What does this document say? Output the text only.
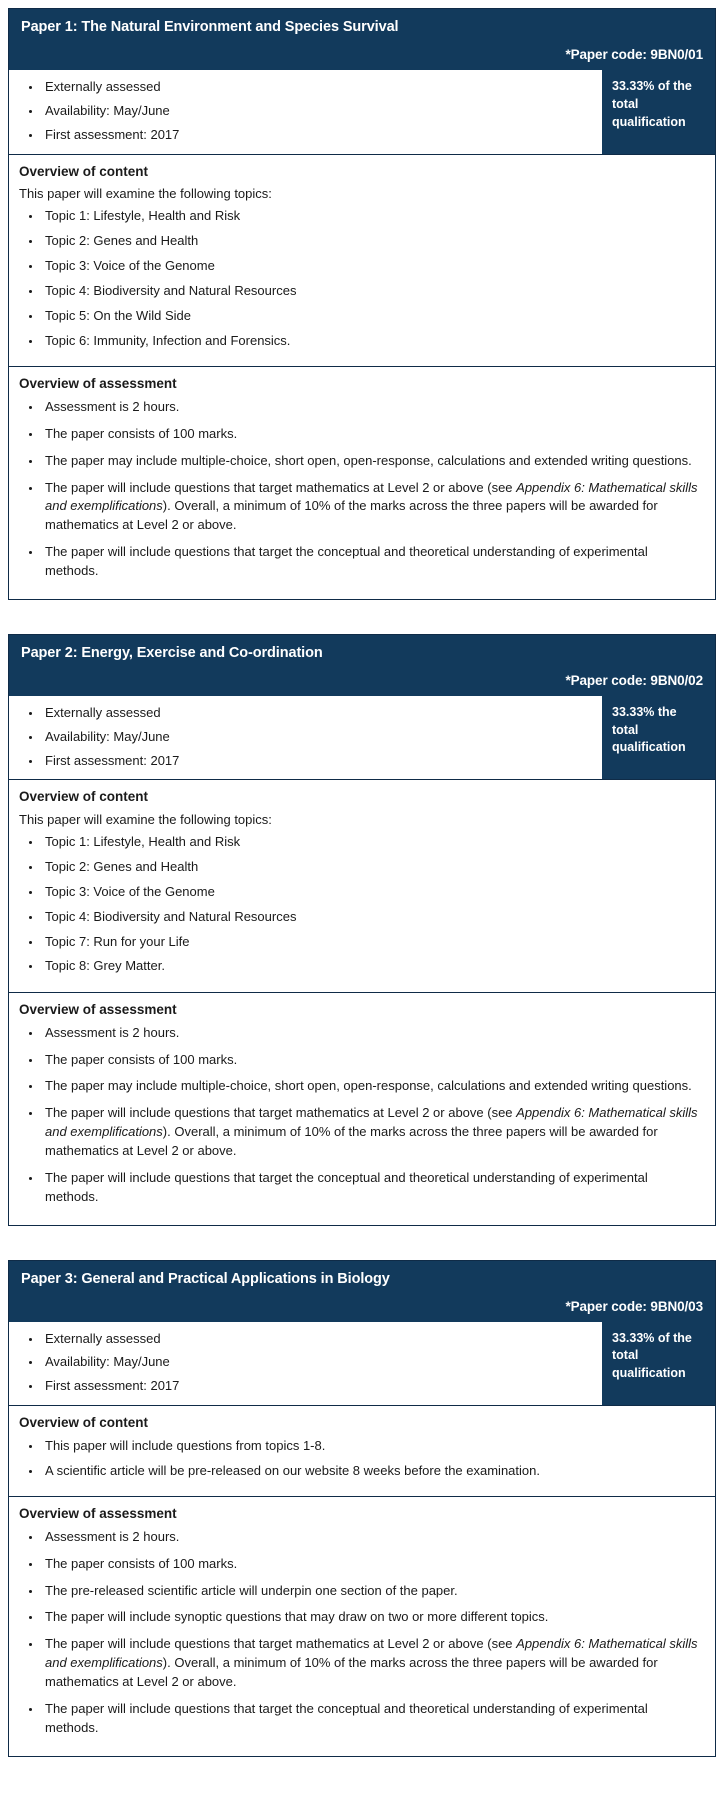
Paper 1: The Natural Environment and Species Survival
*Paper code: 9BN0/01
Externally assessed
Availability: May/June
First assessment: 2017
33.33% of the total qualification
Overview of content
This paper will examine the following topics:
Topic 1: Lifestyle, Health and Risk
Topic 2: Genes and Health
Topic 3: Voice of the Genome
Topic 4: Biodiversity and Natural Resources
Topic 5: On the Wild Side
Topic 6: Immunity, Infection and Forensics.
Overview of assessment
Assessment is 2 hours.
The paper consists of 100 marks.
The paper may include multiple-choice, short open, open-response, calculations and extended writing questions.
The paper will include questions that target mathematics at Level 2 or above (see Appendix 6: Mathematical skills and exemplifications). Overall, a minimum of 10% of the marks across the three papers will be awarded for mathematics at Level 2 or above.
The paper will include questions that target the conceptual and theoretical understanding of experimental methods.
Paper 2: Energy, Exercise and Co-ordination
*Paper code: 9BN0/02
Externally assessed
Availability: May/June
First assessment: 2017
33.33% the total qualification
Overview of content
This paper will examine the following topics:
Topic 1: Lifestyle, Health and Risk
Topic 2: Genes and Health
Topic 3: Voice of the Genome
Topic 4: Biodiversity and Natural Resources
Topic 7: Run for your Life
Topic 8: Grey Matter.
Overview of assessment
Assessment is 2 hours.
The paper consists of 100 marks.
The paper may include multiple-choice, short open, open-response, calculations and extended writing questions.
The paper will include questions that target mathematics at Level 2 or above (see Appendix 6: Mathematical skills and exemplifications). Overall, a minimum of 10% of the marks across the three papers will be awarded for mathematics at Level 2 or above.
The paper will include questions that target the conceptual and theoretical understanding of experimental methods.
Paper 3: General and Practical Applications in Biology
*Paper code: 9BN0/03
Externally assessed
Availability: May/June
First assessment: 2017
33.33% of the total qualification
Overview of content
This paper will include questions from topics 1-8.
A scientific article will be pre-released on our website 8 weeks before the examination.
Overview of assessment
Assessment is 2 hours.
The paper consists of 100 marks.
The pre-released scientific article will underpin one section of the paper.
The paper will include synoptic questions that may draw on two or more different topics.
The paper will include questions that target mathematics at Level 2 or above (see Appendix 6: Mathematical skills and exemplifications). Overall, a minimum of 10% of the marks across the three papers will be awarded for mathematics at Level 2 or above.
The paper will include questions that target the conceptual and theoretical understanding of experimental methods.
